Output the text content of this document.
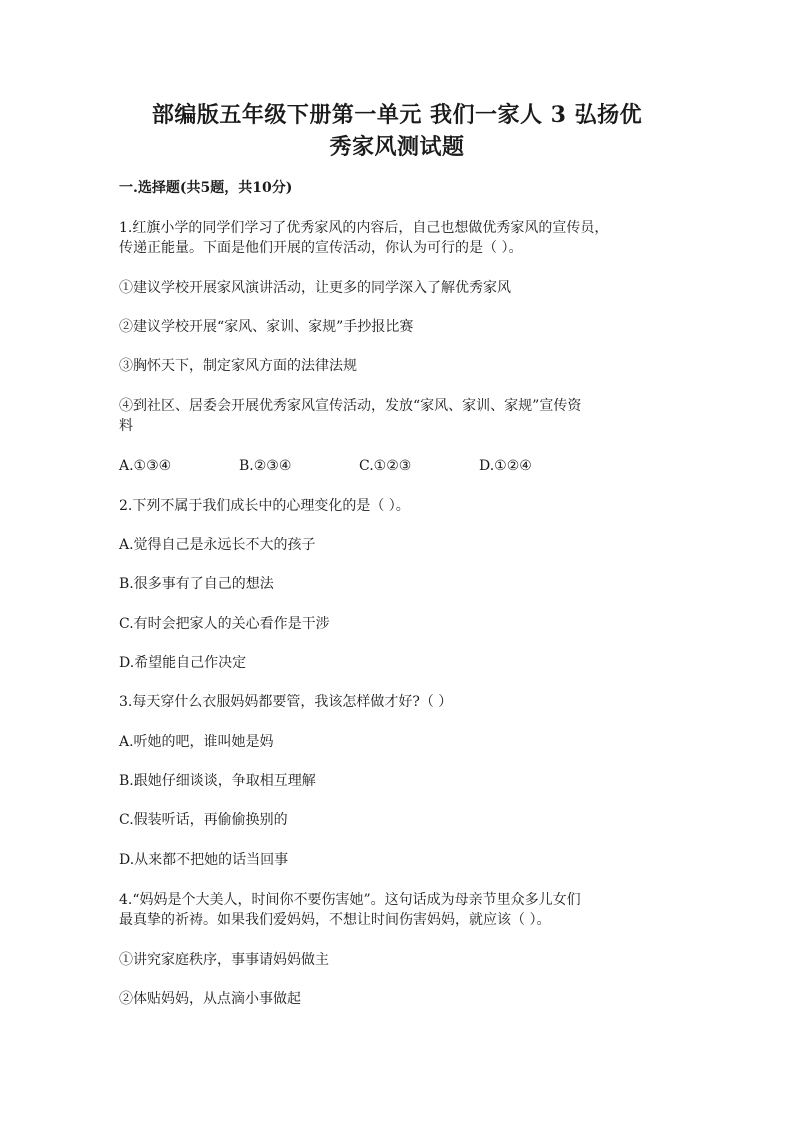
部编版五年级下册第一单元 我们一家人 3 弘扬优
秀家风测试题

一.选择题(共5题，共10分)

1.红旗小学的同学们学习了优秀家风的内容后，自己也想做优秀家风的宣传员，

传递正能量。下面是他们开展的宣传活动，你认为可行的是（ ）。

①建议学校开展家风演讲活动，让更多的同学深入了解优秀家风

②建议学校开展“家风、家训、家规”手抄报比赛

③胸怀天下，制定家风方面的法律法规

④到社区、居委会开展优秀家风宣传活动，发放“家风、家训、家规”宣传资

料

A.①③④	B.②③④	C.①②③	D.①②④

2.下列不属于我们成长中的心理变化的是（ ）。

A.觉得自己是永远长不大的孩子

B.很多事有了自己的想法

C.有时会把家人的关心看作是干涉

D.希望能自己作决定

3.每天穿什么衣服妈妈都要管，我该怎样做才好?（ ）

A.听她的吧，谁叫她是妈

B.跟她仔细谈谈，争取相互理解

C.假装听话，再偷偷换别的

D.从来都不把她的话当回事

4.“妈妈是个大美人，时间你不要伤害她”。这句话成为母亲节里众多儿女们

最真挚的祈祷。如果我们爱妈妈，不想让时间伤害妈妈，就应该（ ）。

①讲究家庭秩序，事事请妈妈做主

②体贴妈妈，从点滴小事做起
